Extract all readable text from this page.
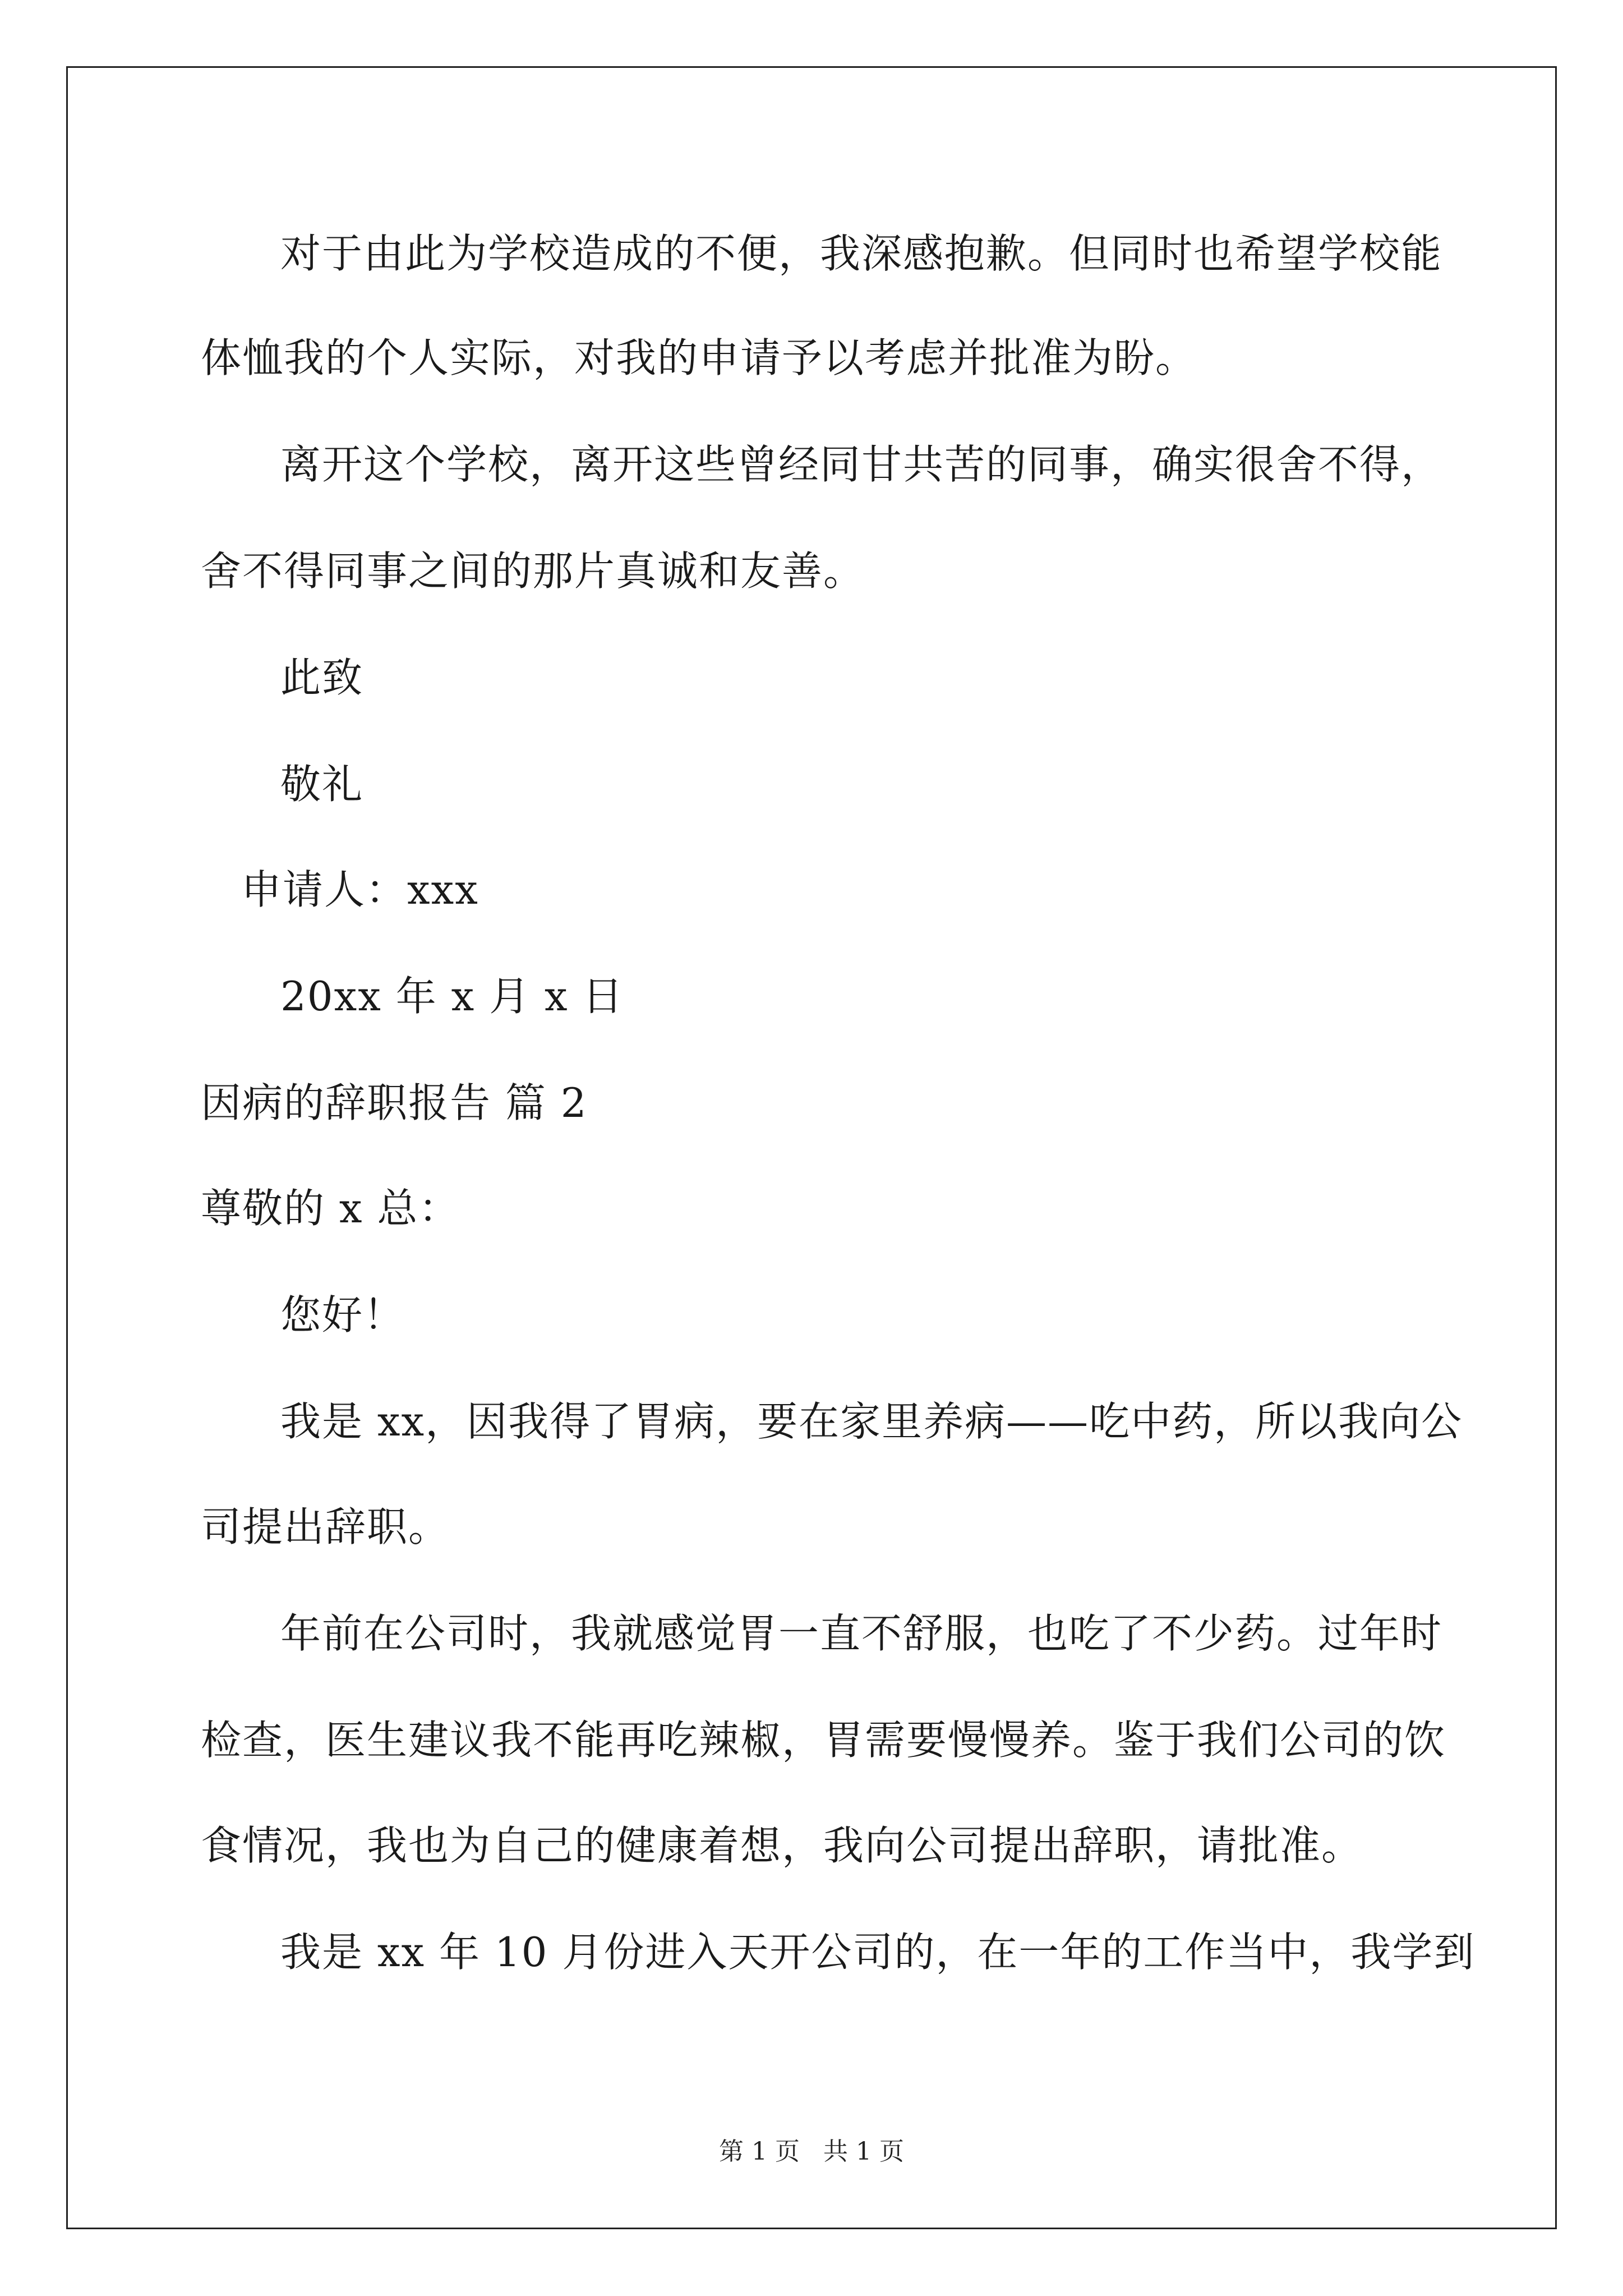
对于由此为学校造成的不便，我深感抱歉。但同时也希望学校能
体恤我的个人实际，对我的申请予以考虑并批准为盼。
离开这个学校，离开这些曾经同甘共苦的同事，确实很舍不得，
舍不得同事之间的那片真诚和友善。
此致
敬礼
申请人：xxx
20xx 年 x 月 x 日
因病的辞职报告 篇 2
尊敬的 x 总：
您好！
我是 xx，因我得了胃病，要在家里养病——吃中药，所以我向公
司提出辞职。
年前在公司时，我就感觉胃一直不舒服，也吃了不少药。过年时
检查，医生建议我不能再吃辣椒，胃需要慢慢养。鉴于我们公司的饮
食情况，我也为自己的健康着想，我向公司提出辞职，请批准。
我是 xx 年 10 月份进入天开公司的，在一年的工作当中，我学到
第 1 页 共 1 页
